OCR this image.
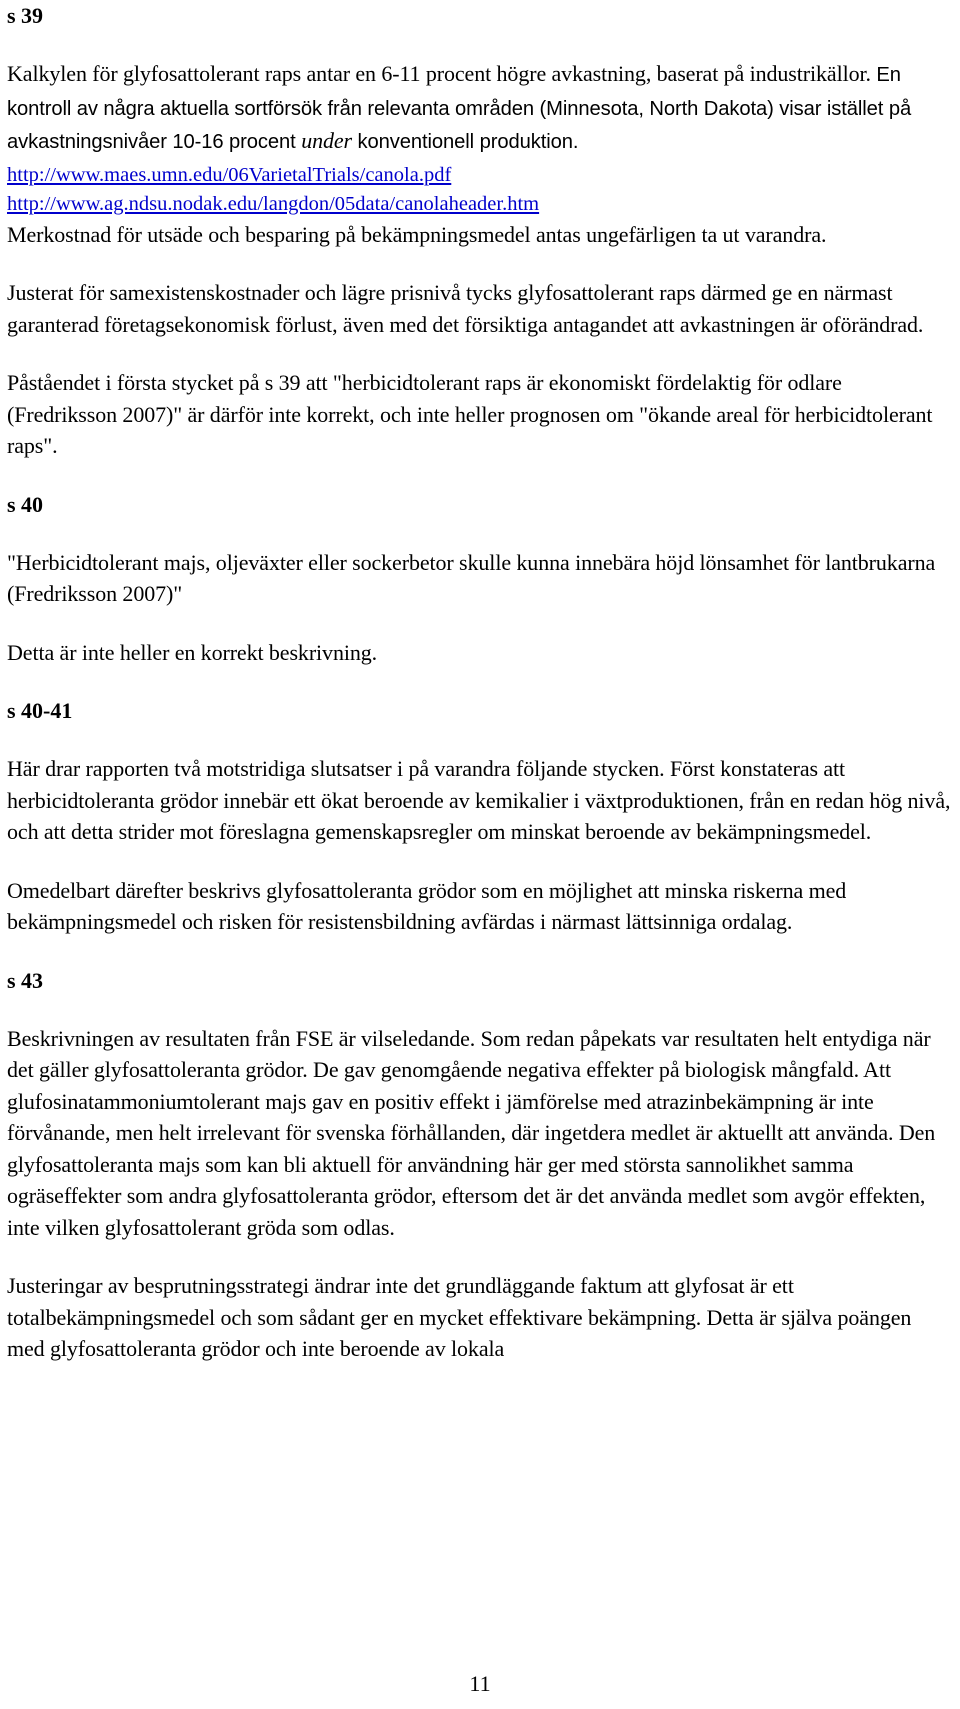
s 39

Kalkylen för glyfosattolerant raps antar en 6-11 procent högre avkastning, baserat på industrikällor. En kontroll av några aktuella sortförsök från relevanta områden (Minnesota, North Dakota) visar istället på avkastningsnivåer 10-16 procent under konventionell produktion.

http://www.maes.umn.edu/06VarietalTrials/canola.pdf
http://www.ag.ndsu.nodak.edu/langdon/05data/canolaheader.htm

Merkostnad för utsäde och besparing på bekämpningsmedel antas ungefärligen ta ut varandra.

Justerat för samexistenskostnader och lägre prisnivå tycks glyfosattolerant raps därmed ge en närmast garanterad företagsekonomisk förlust, även med det försiktiga antagandet att avkastningen är oförändrad.

Påståendet i första stycket på s 39 att "herbicidtolerant raps är ekonomiskt fördelaktig för odlare (Fredriksson 2007)" är därför inte korrekt, och inte heller prognosen om "ökande areal för herbicidtolerant raps".

s 40

"Herbicidtolerant majs, oljeväxter eller sockerbetor skulle kunna innebära höjd lönsamhet för lantbrukarna (Fredriksson 2007)"

Detta är inte heller en korrekt beskrivning.

s 40-41

Här drar rapporten två motstridiga slutsatser i på varandra följande stycken. Först konstateras att herbicidtoleranta grödor innebär ett ökat beroende av kemikalier i växtproduktionen, från en redan hög nivå, och att detta strider mot föreslagna gemenskapsregler om minskat beroende av bekämpningsmedel.

Omedelbart därefter beskrivs glyfosattoleranta grödor som en möjlighet att minska riskerna med bekämpningsmedel och risken för resistensbildning avfärdas i närmast lättsinniga ordalag.

s 43

Beskrivningen av resultaten från FSE är vilseledande. Som redan påpekats var resultaten helt entydiga när det gäller glyfosattoleranta grödor. De gav genomgående negativa effekter på biologisk mångfald. Att glufosinatammoniumtolerant majs gav en positiv effekt i jämförelse med atrazinbekämpning är inte förvånande, men helt irrelevant för svenska förhållanden, där ingetdera medlet är aktuellt att använda. Den glyfosattoleranta majs som kan bli aktuell för användning här ger med största sannolikhet samma ogräseffekter som andra glyfosattoleranta grödor, eftersom det är det använda medlet som avgör effekten, inte vilken glyfosattolerant gröda som odlas.

Justeringar av besprutningsstrategi ändrar inte det grundläggande faktum att glyfosat är ett totalbekämpningsmedel och som sådant ger en mycket effektivare bekämpning. Detta är själva poängen med glyfosattoleranta grödor och inte beroende av lokala

11
